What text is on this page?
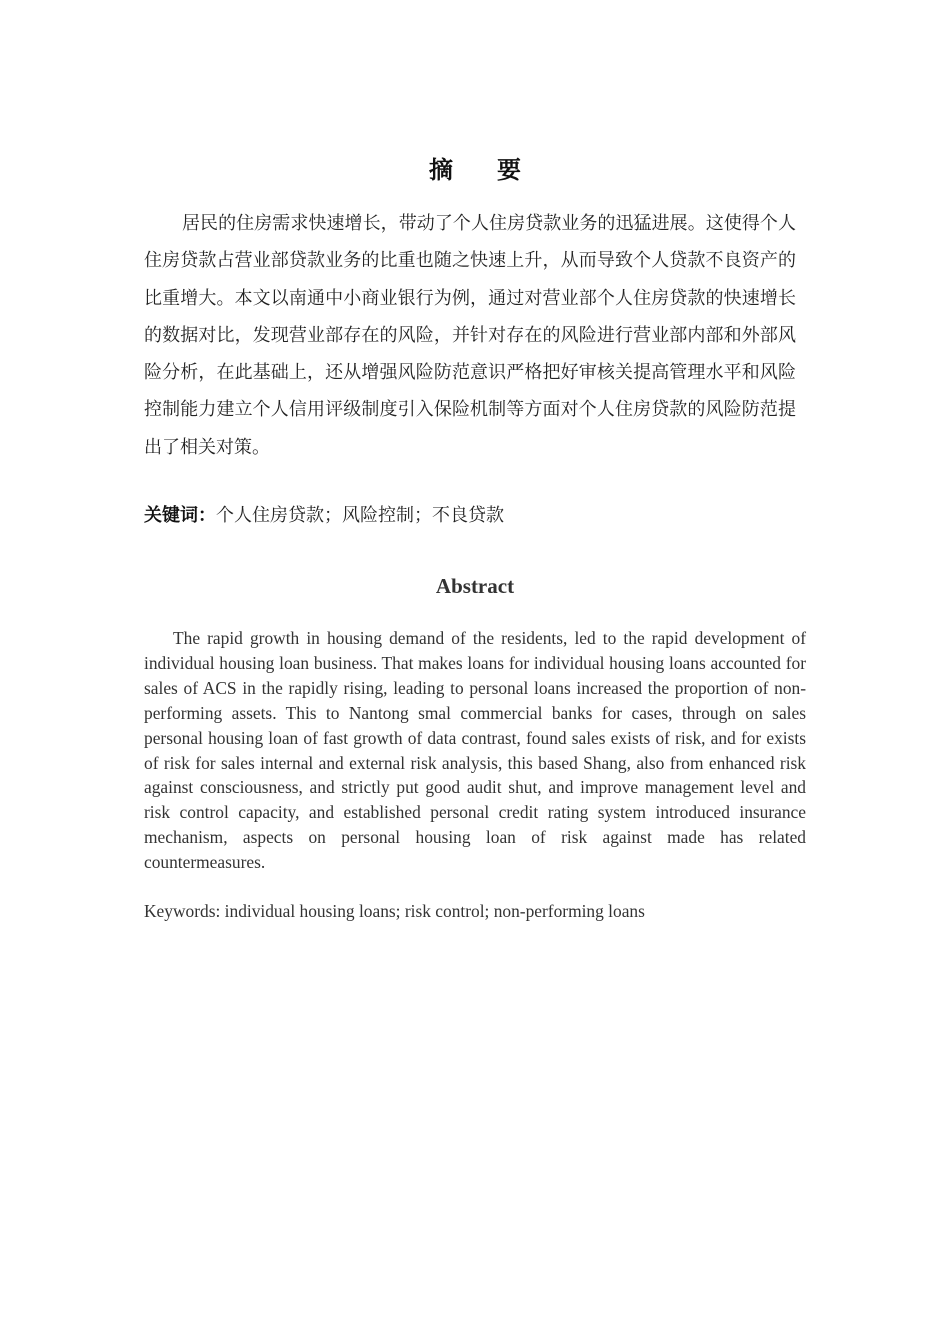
摘要
居民的住房需求快速增长，带动了个人住房贷款业务的迅猛进展。这使得个人住房贷款占营业部贷款业务的比重也随之快速上升，从而导致个人贷款不良资产的比重增大。本文以南通中小商业银行为例，通过对营业部个人住房贷款的快速增长的数据对比，发现营业部存在的风险，并针对存在的风险进行营业部内部和外部风险分析，在此基础上，还从增强风险防范意识严格把好审核关提高管理水平和风险控制能力建立个人信用评级制度引入保险机制等方面对个人住房贷款的风险防范提出了相关对策。
关键词：个人住房贷款；风险控制；不良贷款
Abstract
The rapid growth in housing demand of the residents, led to the rapid development of individual housing loan business. That makes loans for individual housing loans accounted for sales of ACS in the rapidly rising, leading to personal loans increased the proportion of non-performing assets. This to Nantong smal commercial banks for cases, through on sales personal housing loan of fast growth of data contrast, found sales exists of risk, and for exists of risk for sales internal and external risk analysis, this based Shang, also from enhanced risk against consciousness, and strictly put good audit shut, and improve management level and risk control capacity, and established personal credit rating system introduced insurance mechanism, aspects on personal housing loan of risk against made has related countermeasures.
Keywords: individual housing loans; risk control; non-performing loans
